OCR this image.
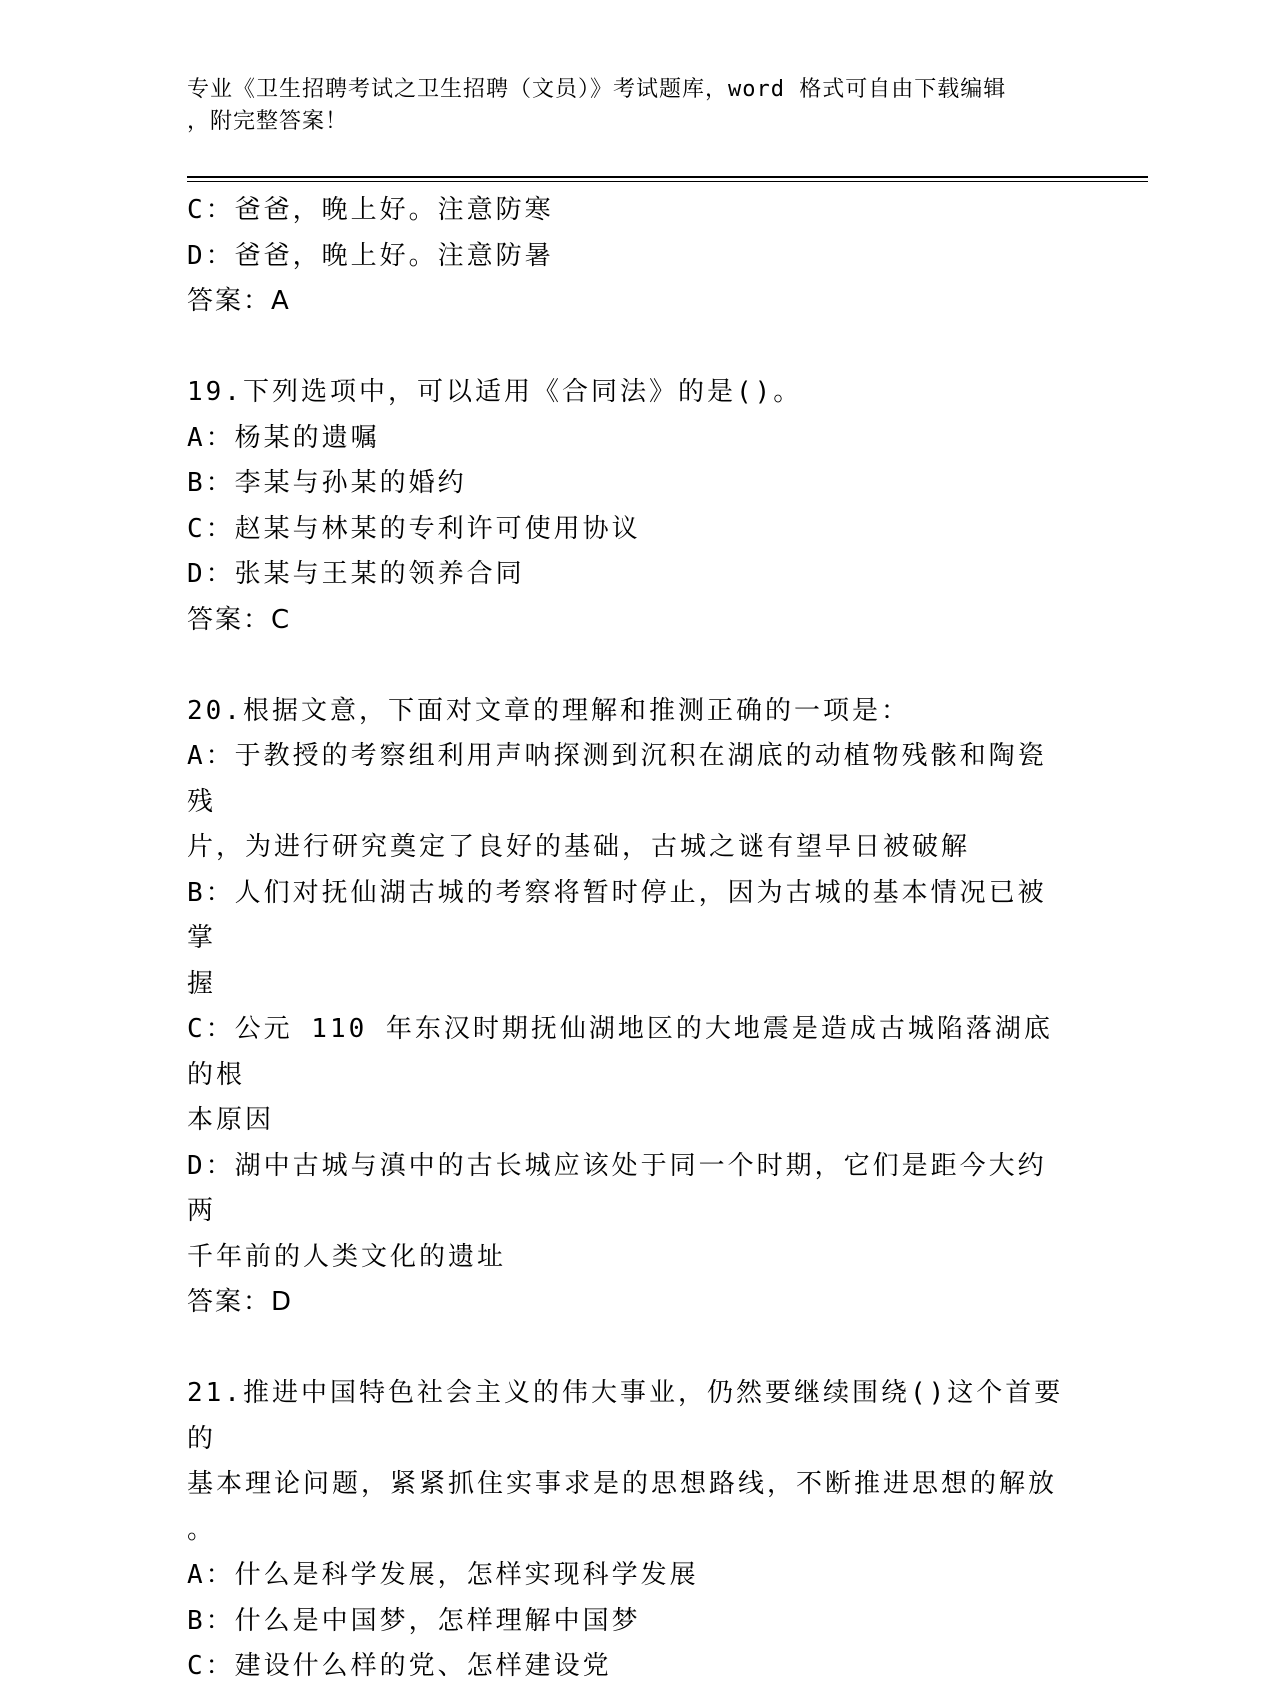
专业《卫生招聘考试之卫生招聘（文员）》考试题库，word 格式可自由下载编辑
，附完整答案！
C：爸爸，晚上好。注意防寒
D：爸爸，晚上好。注意防暑
答案：A
19.下列选项中，可以适用《合同法》的是()。
A：杨某的遗嘱
B：李某与孙某的婚约
C：赵某与林某的专利许可使用协议
D：张某与王某的领养合同
答案：C
20.根据文意，下面对文章的理解和推测正确的一项是：
A：于教授的考察组利用声呐探测到沉积在湖底的动植物残骸和陶瓷残
片，为进行研究奠定了良好的基础，古城之谜有望早日被破解
B：人们对抚仙湖古城的考察将暂时停止，因为古城的基本情况已被掌
握
C：公元 110 年东汉时期抚仙湖地区的大地震是造成古城陷落湖底的根
本原因
D：湖中古城与滇中的古长城应该处于同一个时期，它们是距今大约两
千年前的人类文化的遗址
答案：D
21.推进中国特色社会主义的伟大事业，仍然要继续围绕()这个首要的
基本理论问题，紧紧抓住实事求是的思想路线，不断推进思想的解放
。
A：什么是科学发展，怎样实现科学发展
B：什么是中国梦，怎样理解中国梦
C：建设什么样的党、怎样建设党
